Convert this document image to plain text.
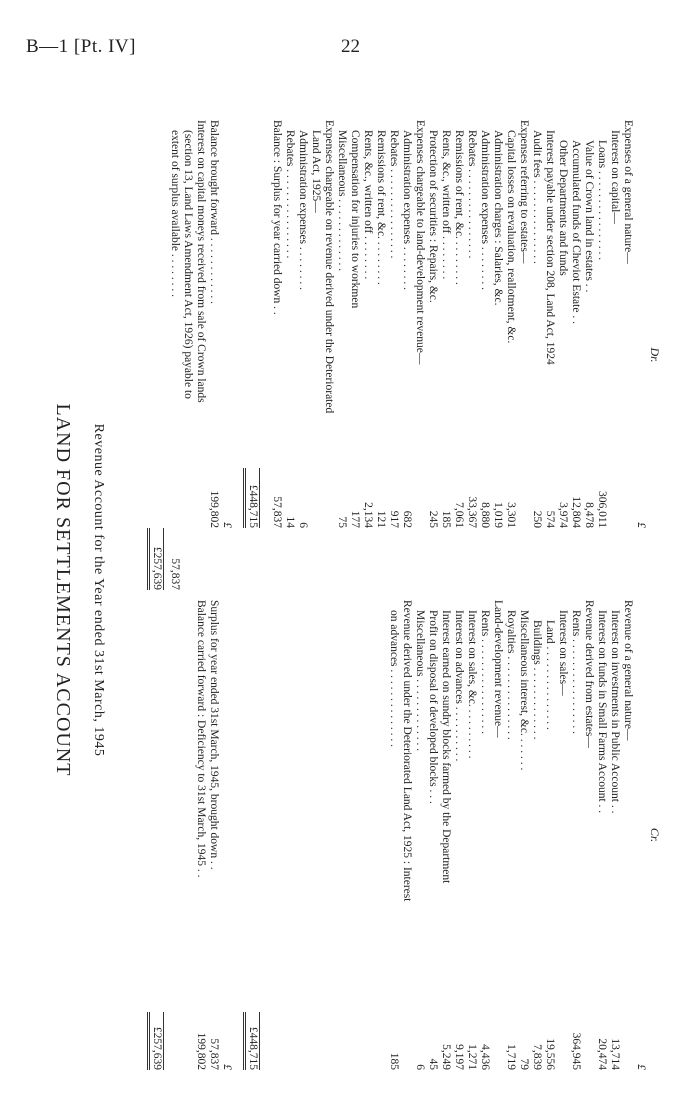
B—1 [Pt. IV]	22
LAND FOR SETTLEMENTS ACCOUNT Revenue Account for the Year ended 31st March, 1945
Dr.
£
Expenses of a general nature—
Interest on capital—
Loans . . . . . . . . . . . . . . . .
306,011
Value of Crown land in estates . .
8,478
Accumulated funds of Cheviot Estate . .
12,804
Other Departments and funds
3,974
Interest payable under section 208, Land Act, 1924
574
Audit fees . . . . . . . . . . . . . . .
250
Expenses referring to estates—
Capital losses on revaluation, reallotment, &c.
3,301
Administration charges : Salaries, &c.
1,019
Administration expenses . . . . . . . .
8,880
Rebates . . . . . . . . . . . . . . . .
33,367
Remissions of rent, &c. . . . . . . . .
7,061
Rents, &c., written off . . . . . . . .
185
Protection of securities : Repairs, &c.
245
Expenses chargeable to land-development revenue—
Administration expenses . . . . . . . .
682
Rebates . . . . . . . . . . . . . . . .
917
Remissions of rent, &c. . . . . . . . .
121
Rents, &c., written off . . . . . . . .
2,134
Compensation for injuries to workmen
177
Miscellaneous . . . . . . . . . . . . .
75
Expenses chargeable on revenue derived under the Deteriorated
Land Act, 1925—
Administration expenses . . . . . . . .
6
Rebates . . . . . . . . . . . . . . . .
14
Balance : Surplus for year carried down . .
57,837
£448,715
£
Balance brought forward . . . . . . . . . . . .
199,802
Interest on capital moneys received from sale of Crown lands
(section 13, Land Laws Amendment Act, 1926) payable to
extent of surplus available . . . . . . . .
57,837
£257,639
Cr.
£
Revenue of a general nature—
Interest on investments in Public Account . .
13,714
Interest on funds in Small Farms Account . .
20,474
Revenue derived from estates—
Rents . . . . . . . . . . . . . . . . .
364,945
Interest on sales—
Land . . . . . . . . . . . . . . .
19,556
Buildings . . . . . . . . . . . . .
7,839
Miscellaneous interest, &c. . . . . . .
79
Royalties . . . . . . . . . . . . . . .
1,719
Land-development revenue—
Rents . . . . . . . . . . . . . . . . .
4,436
Interest on sales, &c. . . . . . . . . .
1,271
Interest on advances . . . . . . . . . .
9,197
Interest earned on sundry blocks farmed by the Department
5,249
Profit on disposal of developed blocks . . .
45
Miscellaneous . . . . . . . . . . . . .
6
Revenue derived under the Deteriorated Land Act, 1925 : Interest
on advances . . . . . . . . . . . . . .
185
£448,715
£
Surplus for year ended 31st March, 1945, brought down . .
57,837
Balance carried forward : Deficiency to 31st March, 1945 . .
199,802
£257,639
